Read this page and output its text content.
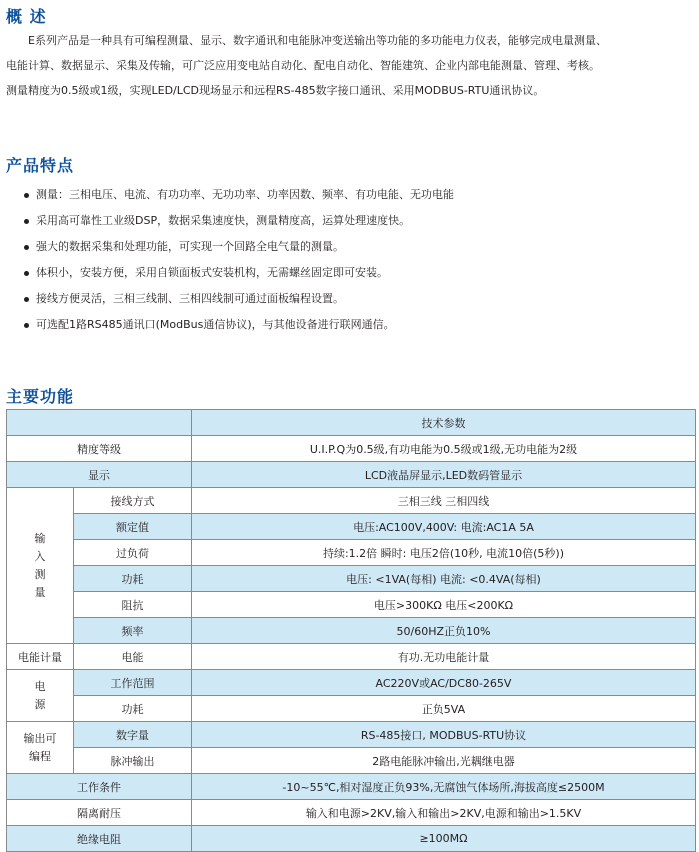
概 述

E系列产品是一种具有可编程测量、显示、数字通讯和电能脉冲变送输出等功能的多功能电力仪表，能够完成电量测量、
电能计算、数据显示、采集及传输，可广泛应用变电站自动化、配电自动化、智能建筑、企业内部电能测量、管理、考核。
测量精度为0.5级或1级，实现LED/LCD现场显示和远程RS-485数字接口通讯、采用MODBUS-RTU通讯协议。

产品特点
测量：三相电压、电流、有功功率、无功功率、功率因数、频率、有功电能、无功电能
采用高可靠性工业级DSP，数据采集速度快，测量精度高，运算处理速度快。
强大的数据采集和处理功能，可实现一个回路全电气量的测量。
体积小，安装方便，采用自锁面板式安装机构，无需螺丝固定即可安装。
接线方便灵活，三相三线制、三相四线制可通过面板编程设置。
可选配1路RS485通讯口(ModBus通信协议)，与其他设备进行联网通信。
主要功能
		技术参数
精度等级		U.I.P.Q为0.5级,有功电能为0.5级或1级,无功电能为2级
显示		LCD液晶屏显示,LED数码管显示
输
入
测
量	接线方式	三相三线 三相四线
	额定值	电压:AC100V,400V: 电流:AC1A 5A
	过负荷	持续:1.2倍 瞬时: 电压2倍(10秒, 电流10倍(5秒))
	功耗	电压: <1VA(每相) 电流: <0.4VA(每相)
	阻抗	电压>300KΩ 电压<200KΩ
	频率	50/60HZ正负10%
电能计量	电能	有功.无功电能计量
电
源	工作范围	AC220V或AC/DC80-265V
	功耗	正负5VA
输出可
编程	数字量	RS-485接口, MODBUS-RTU协议
	脉冲输出	2路电能脉冲输出,光耦继电器
工作条件		-10~55℃,相对湿度正负93%,无腐蚀气体场所,海拔高度≤2500M
隔离耐压		输入和电源>2KV,输入和输出>2KV,电源和输出>1.5KV
绝缘电阻		≥100MΩ
